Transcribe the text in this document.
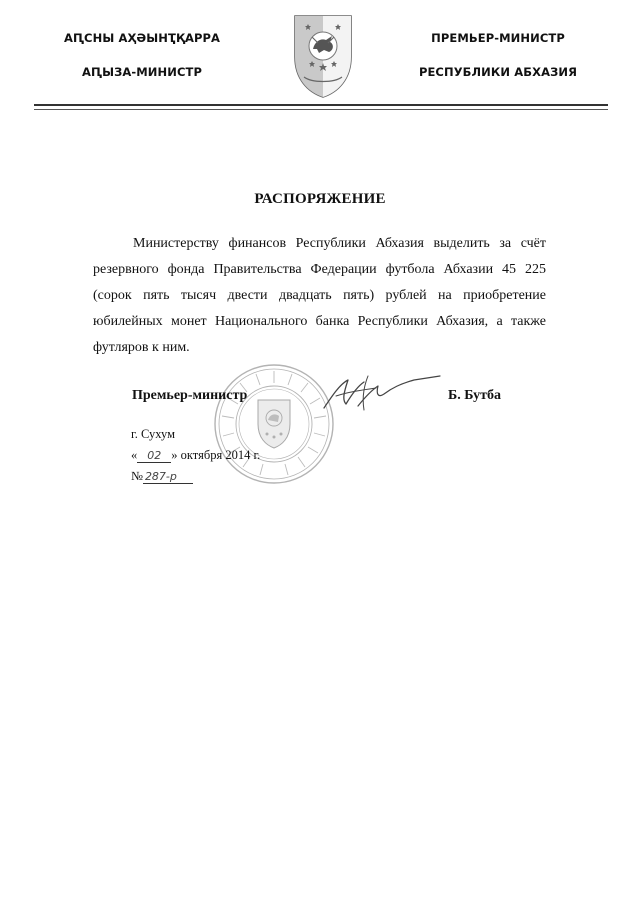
АԤСНЫ АҲӘЫНҬҚАРРА
АԤЫЗА-МИНИСТР
ПРЕМЬЕР-МИНИСТР
РЕСПУБЛИКИ АБХАЗИЯ
РАСПОРЯЖЕНИЕ

Министерству финансов Республики Абхазия выделить за счёт резервного фонда Правительства Федерации футбола Абхазии 45 225 (сорок пять тысяч двести двадцать пять) рублей на приобретение юбилейных монет Национального банка Республики Абхазия, а также футляров к ним.

Премьер-министр	Б. Бутба
г. Сухум
« 02 » октября 2014 г.
№ 287-р
